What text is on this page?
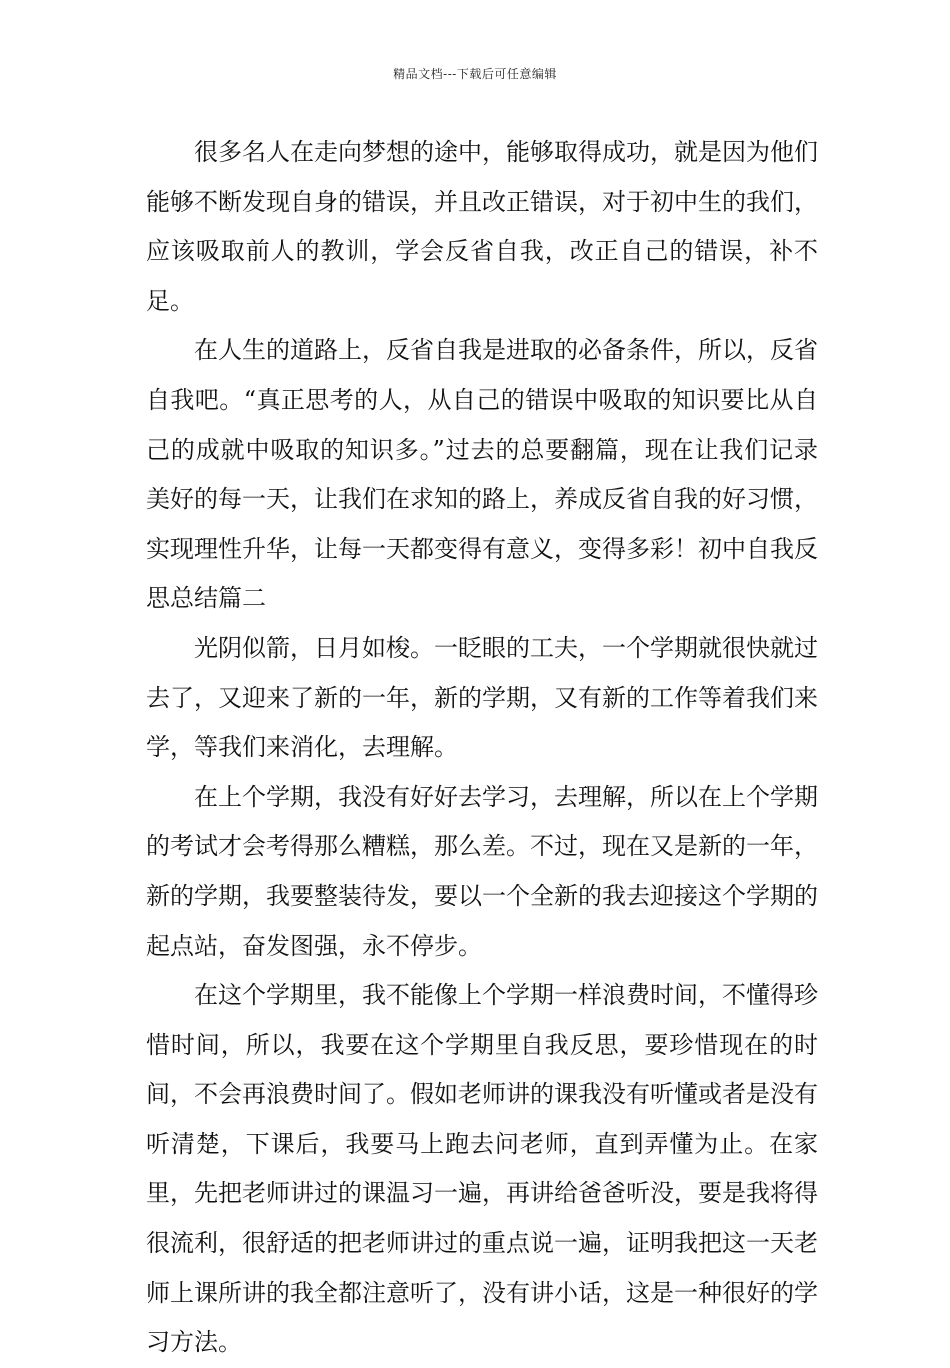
精品文档---下载后可任意编辑

很多名人在走向梦想的途中，能够取得成功，就是因为他们能够不断发现自身的错误，并且改正错误，对于初中生的我们，应该吸取前人的教训，学会反省自我，改正自己的错误，补不足。

在人生的道路上，反省自我是进取的必备条件，所以，反省自我吧。“真正思考的人，从自己的错误中吸取的知识要比从自己的成就中吸取的知识多。”过去的总要翻篇，现在让我们记录美好的每一天，让我们在求知的路上，养成反省自我的好习惯，实现理性升华，让每一天都变得有意义，变得多彩！初中自我反思总结篇二

光阴似箭，日月如梭。一眨眼的工夫，一个学期就很快就过去了，又迎来了新的一年，新的学期，又有新的工作等着我们来学，等我们来消化，去理解。

在上个学期，我没有好好去学习，去理解，所以在上个学期的考试才会考得那么糟糕，那么差。不过，现在又是新的一年，新的学期，我要整装待发，要以一个全新的我去迎接这个学期的起点站，奋发图强，永不停步。

在这个学期里，我不能像上个学期一样浪费时间，不懂得珍惜时间，所以，我要在这个学期里自我反思，要珍惜现在的时间，不会再浪费时间了。假如老师讲的课我没有听懂或者是没有听清楚，下课后，我要马上跑去问老师，直到弄懂为止。在家里，先把老师讲过的课温习一遍，再讲给爸爸听没，要是我将得很流利，很舒适的把老师讲过的重点说一遍，证明我把这一天老师上课所讲的我全都注意听了，没有讲小话，这是一种很好的学习方法。
